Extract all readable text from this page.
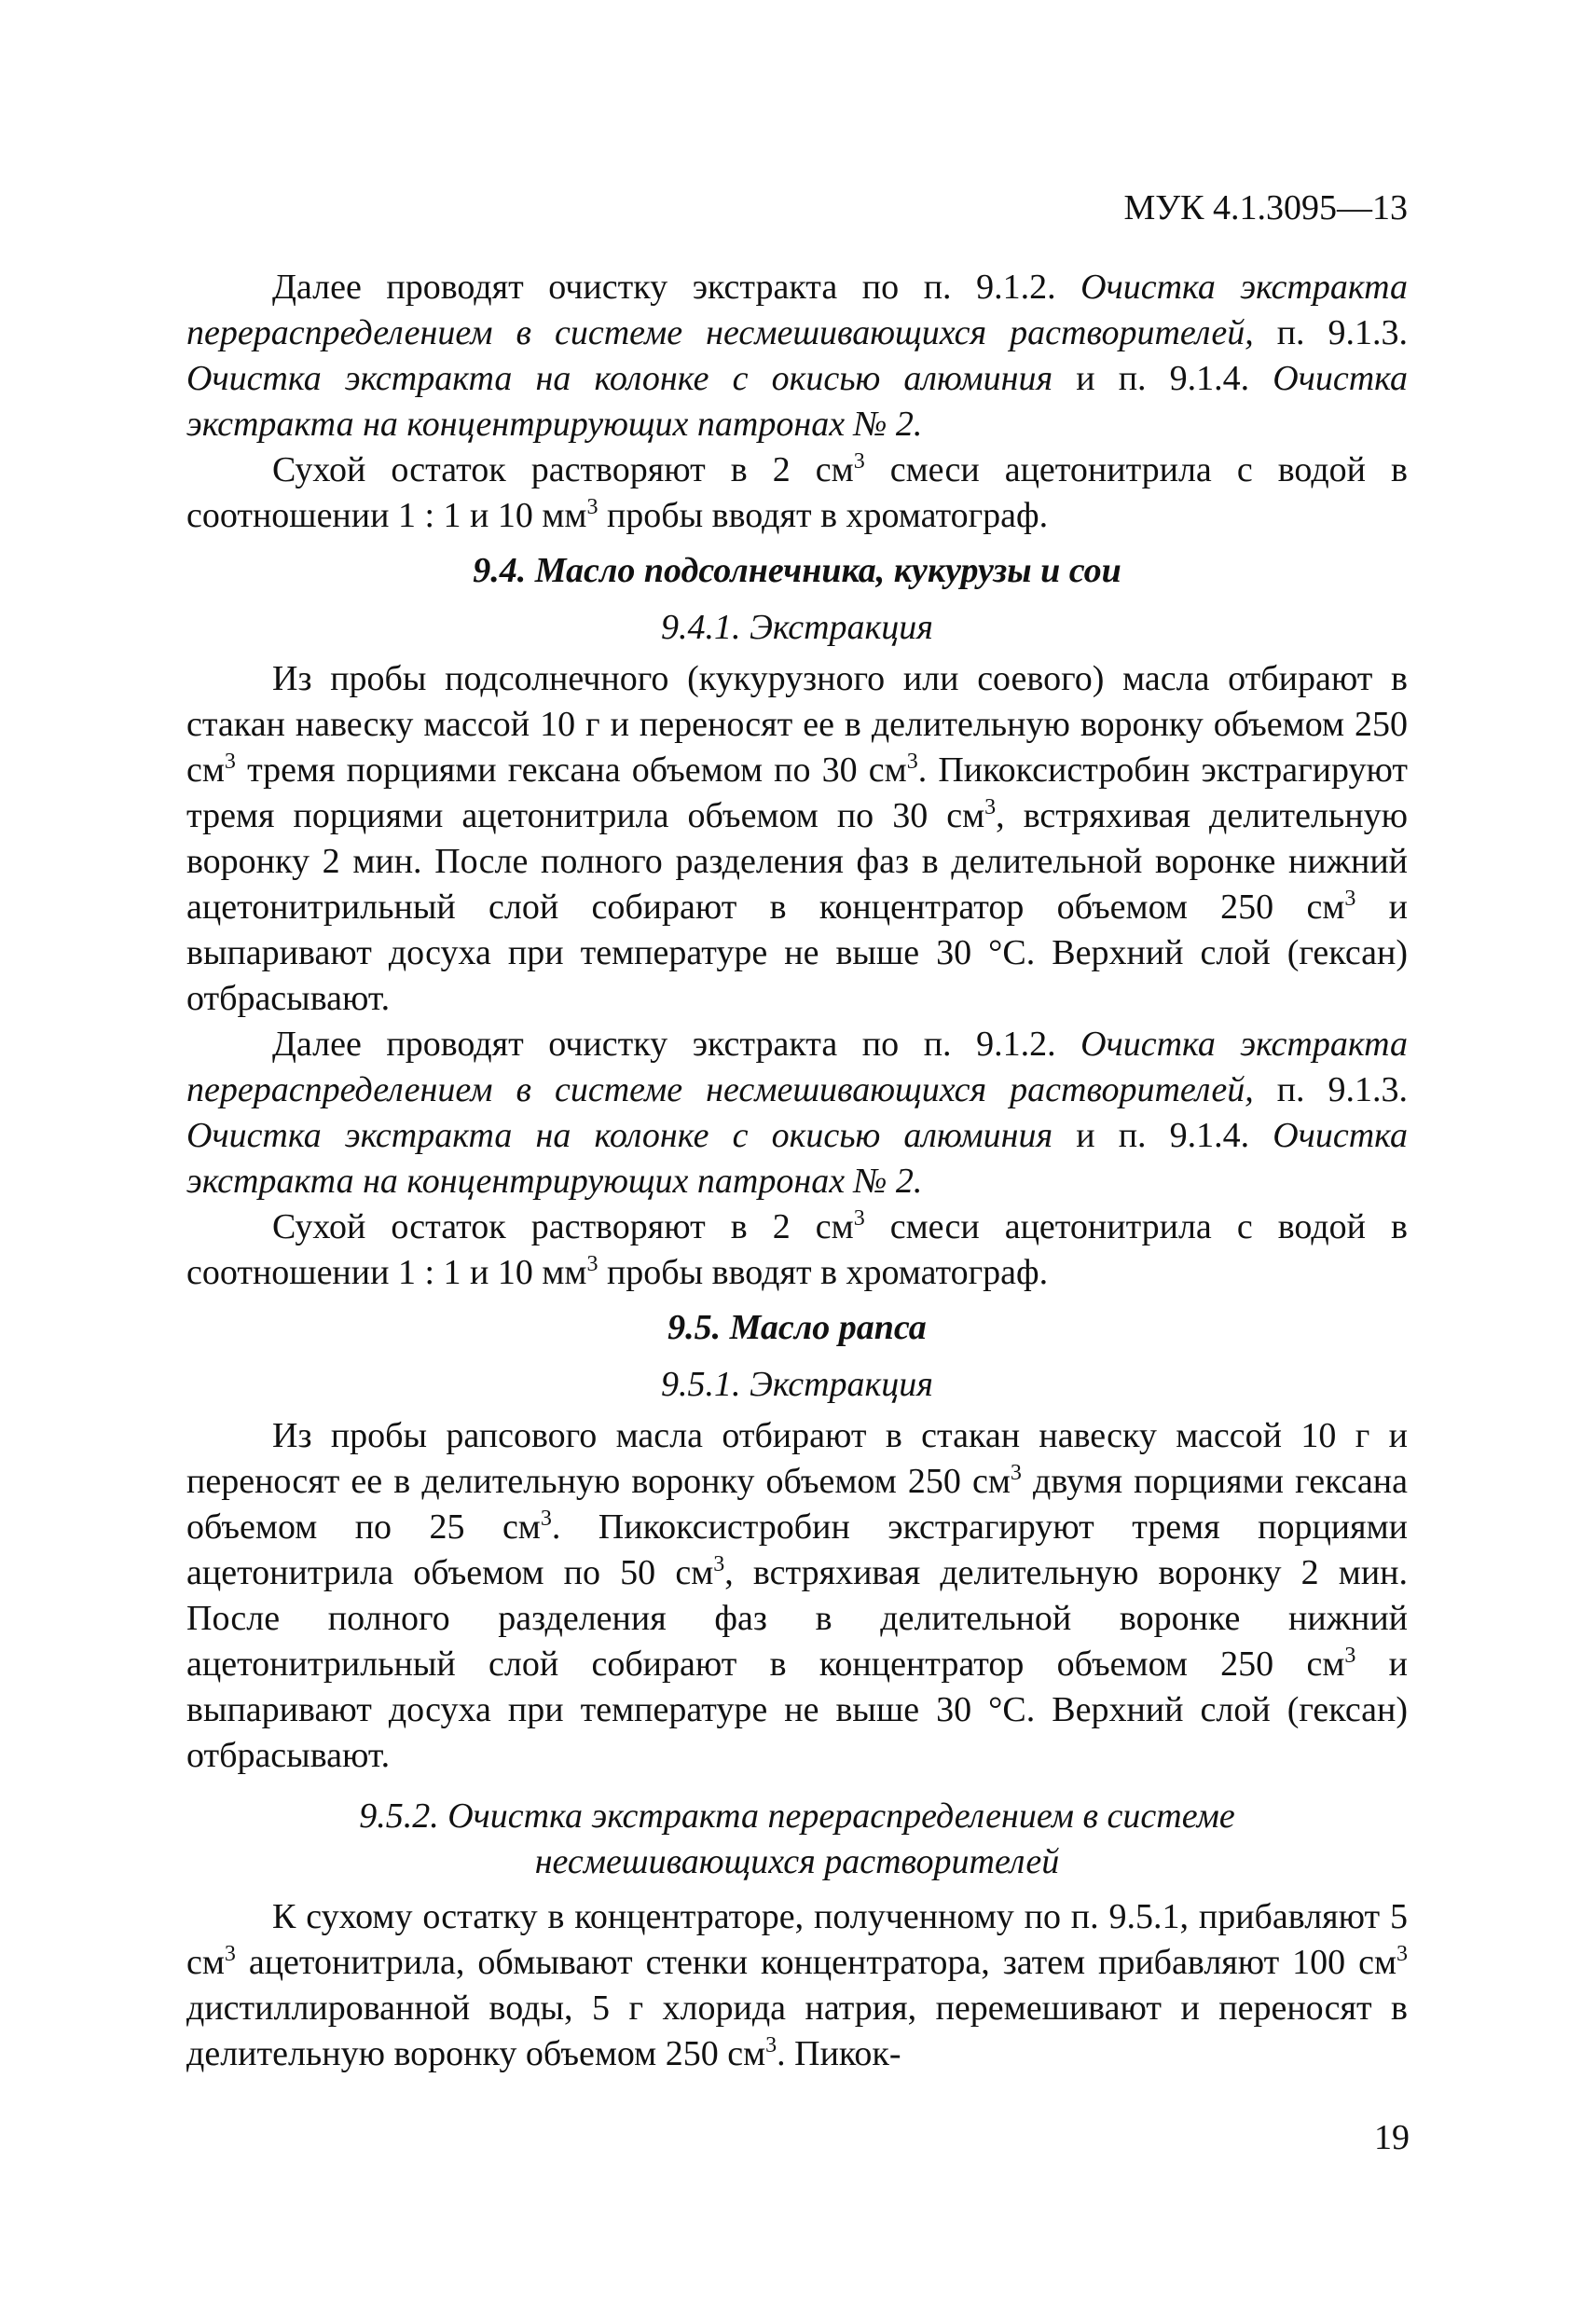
МУК 4.1.3095—13

Далее проводят очистку экстракта по п. 9.1.2. Очистка экстракта перераспределением в системе несмешивающихся растворителей, п. 9.1.3. Очистка экстракта на колонке с окисью алюминия и п. 9.1.4. Очистка экстракта на концентрирующих патронах № 2.

Сухой остаток растворяют в 2 $см^3$ смеси ацетонитрила с водой в соотношении 1 : 1 и 10 $мм^3$ пробы вводят в хроматограф.

9.4. Масло подсолнечника, кукурузы и сои
9.4.1. Экстракция

Из пробы подсолнечного (кукурузного или соевого) масла отбирают в стакан навеску массой 10 г и переносят ее в делительную воронку объемом 250 $см^3$ тремя порциями гексана объемом по 30 $см^3$. Пикоксистробин экстрагируют тремя порциями ацетонитрила объемом по 30 $см^3$, встряхивая делительную воронку 2 мин. После полного разделения фаз в делительной воронке нижний ацетонитрильный слой собирают в концентратор объемом 250 $см^3$ и выпаривают досуха при температуре не выше 30 °С. Верхний слой (гексан) отбрасывают.

Далее проводят очистку экстракта по п. 9.1.2. Очистка экстракта перераспределением в системе несмешивающихся растворителей, п. 9.1.3. Очистка экстракта на колонке с окисью алюминия и п. 9.1.4. Очистка экстракта на концентрирующих патронах № 2.

Сухой остаток растворяют в 2 $см^3$ смеси ацетонитрила с водой в соотношении 1 : 1 и 10 $мм^3$ пробы вводят в хроматограф.

9.5. Масло рапса
9.5.1. Экстракция

Из пробы рапсового масла отбирают в стакан навеску массой 10 г и переносят ее в делительную воронку объемом 250 $см^3$ двумя порциями гексана объемом по 25 $см^3$. Пикоксистробин экстрагируют тремя порциями ацетонитрила объемом по 50 $см^3$, встряхивая делительную воронку 2 мин. После полного разделения фаз в делительной воронке нижний ацетонитрильный слой собирают в концентратор объемом 250 $см^3$ и выпаривают досуха при температуре не выше 30 °С. Верхний слой (гексан) отбрасывают.

9.5.2. Очистка экстракта перераспределением в системе
несмешивающихся растворителей

К сухому остатку в концентраторе, полученному по п. 9.5.1, прибавляют 5 $см^3$ ацетонитрила, обмывают стенки концентратора, затем прибавляют 100 $см^3$ дистиллированной воды, 5 г хлорида натрия, перемешивают и переносят в делительную воронку объемом 250 $см^3$. Пикок-

19
